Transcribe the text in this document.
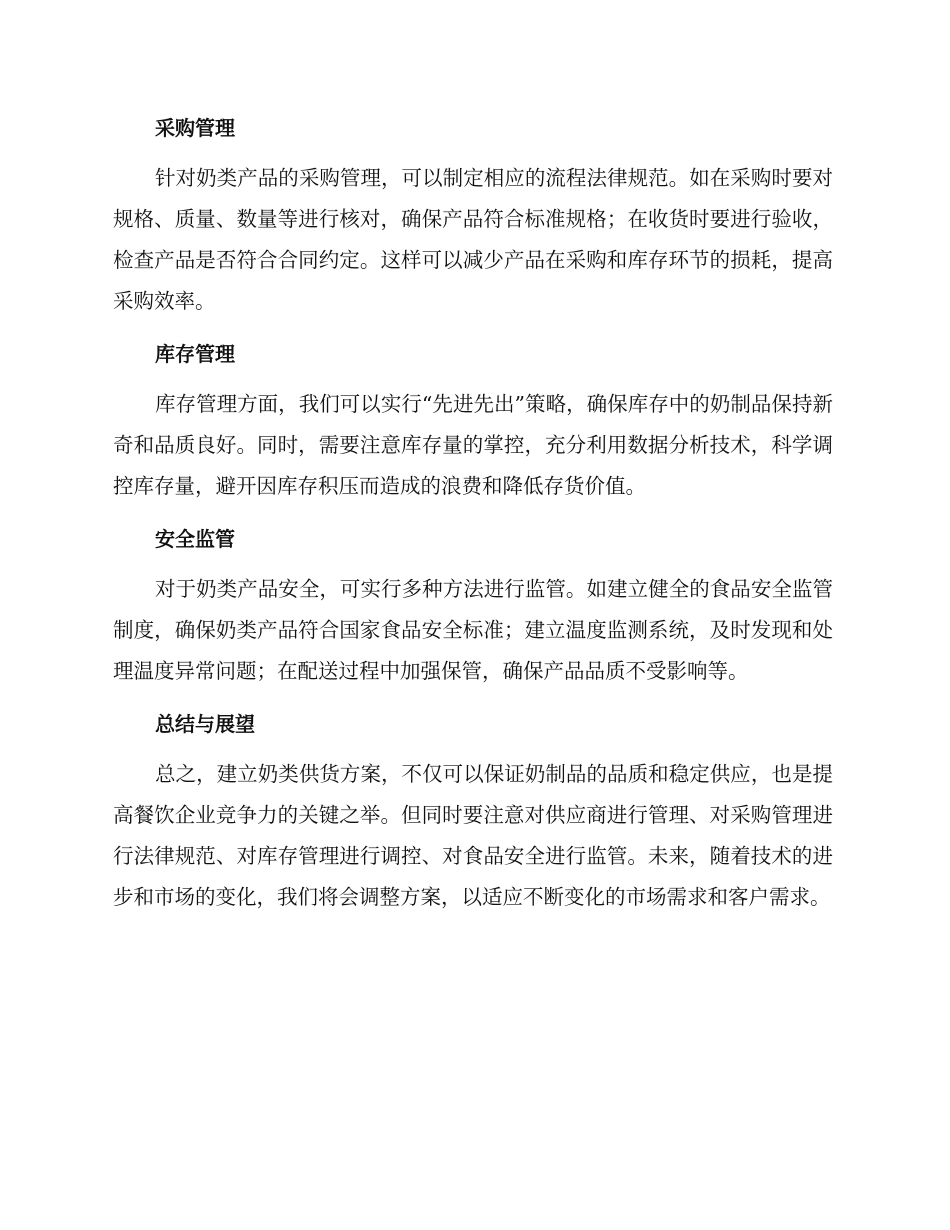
采购管理

针对奶类产品的采购管理，可以制定相应的流程法律规范。如在采购时要对规格、质量、数量等进行核对，确保产品符合标准规格；在收货时要进行验收，检查产品是否符合合同约定。这样可以减少产品在采购和库存环节的损耗，提高采购效率。

库存管理

库存管理方面，我们可以实行“先进先出”策略，确保库存中的奶制品保持新奇和品质良好。同时，需要注意库存量的掌控，充分利用数据分析技术，科学调控库存量，避开因库存积压而造成的浪费和降低存货价值。

安全监管

对于奶类产品安全，可实行多种方法进行监管。如建立健全的食品安全监管制度，确保奶类产品符合国家食品安全标准；建立温度监测系统，及时发现和处理温度异常问题；在配送过程中加强保管，确保产品品质不受影响等。

总结与展望

总之，建立奶类供货方案，不仅可以保证奶制品的品质和稳定供应，也是提高餐饮企业竞争力的关键之举。但同时要注意对供应商进行管理、对采购管理进行法律规范、对库存管理进行调控、对食品安全进行监管。未来，随着技术的进步和市场的变化，我们将会调整方案，以适应不断变化的市场需求和客户需求。
